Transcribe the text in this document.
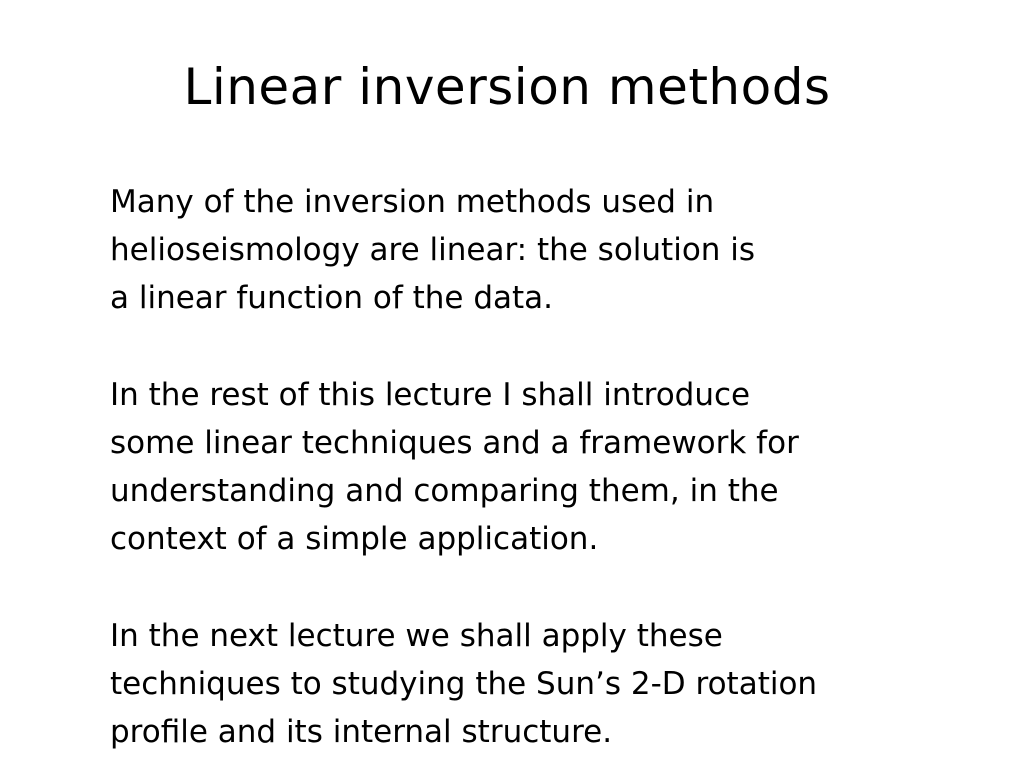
Linear inversion methods

Many of the inversion methods used in
helioseismology are linear: the solution is
a linear function of the data.

In the rest of this lecture I shall introduce
some linear techniques and a framework for
understanding and comparing them, in the
context of a simple application.

In the next lecture we shall apply these
techniques to studying the Sun’s 2-D rotation
profile and its internal structure.
